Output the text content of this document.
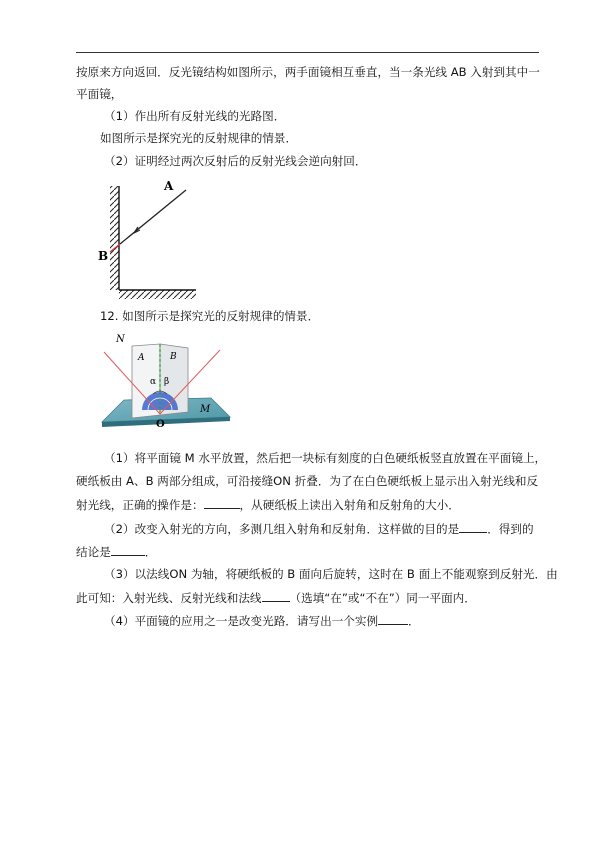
按原来方向返回．反光镜结构如图所示，两手面镜相互垂直，当一条光线 AB 入射到其中一
平面镜，
（1）作出所有反射光线的光路图．
如图所示是探究光的反射规律的情景．
（2）证明经过两次反射后的反射光线会逆向射回．
A
B
12. 如图所示是探究光的反射规律的情景．
N
A	B
α β
O
M
（1）将平面镜 M 水平放置，然后把一块标有刻度的白色硬纸板竖直放置在平面镜上，
硬纸板由 A、B 两部分组成，可沿接缝ON 折叠．为了在白色硬纸板上显示出入射光线和反
射光线，正确的操作是：	，从硬纸板上读出入射角和反射角的大小．
（2）改变入射光的方向，多测几组入射角和反射角．这样做的目的是 ．得到的
结论是	．
（3）以法线ON 为轴，将硬纸板的 B 面向后旋转，这时在 B 面上不能观察到反射光．由
此可知：入射光线、反射光线和法线 （选填“在”或“不在”）同一平面内．
（4）平面镜的应用之一是改变光路．请写出一个实例	．
